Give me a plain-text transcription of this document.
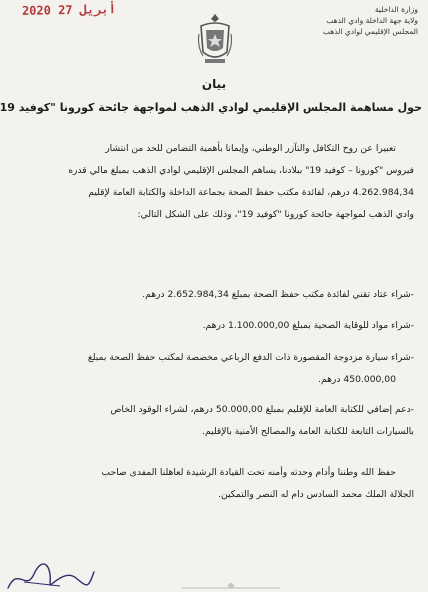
2020 أبريل 27	وزارة الداخلية
ولاية جهة الداخلة وادي الذهب
المجلس الإقليمي لوادي الذهب
بيان
حول مساهمة المجلس الإقليمي لوادي الذهب لمواجهة جائحة كورونا "كوفيد 19
تعبيرا عن روح التكافل والتآزر الوطني، وإيمانا بأهمية التضامن للحد من انتشار
فيروس "كورونا – كوفيد 19" ببلادنا، يساهم المجلس الإقليمي لوادي الذهب بمبلغ مالي قدره
4.262.984,34 درهم، لفائدة مكتب حفظ الصحة بجماعة الداخلة والكتابة العامة لإقليم
وادي الذهب لمواجهة جائحة كورونا "كوفيد 19"، وذلك على الشكل التالي:
-شراء عتاد تقني لفائدة مكتب حفظ الصحة بمبلغ 2.652.984,34 درهم.
-شراء مواد للوقاية الصحية بمبلغ 1.100.000,00 درهم.
-شراء سيارة مزدوجة المقصورة ذات الدفع الرباعي مخصصة لمكتب حفظ الصحة بمبلغ
450.000,00 درهم.
-دعم إضافي للكتابة العامة للإقليم بمبلغ 50.000,00 درهم، لشراء الوقود الخاص
بالسيارات التابعة للكتابة العامة والمصالح الأمنية بالإقليم.
حفظ الله وطننا وأدام وحدته وأمنه تحت القيادة الرشيدة لعاهلنا المفدى صاحب
الجلالة الملك محمد السادس دام له النصر والتمكين.
